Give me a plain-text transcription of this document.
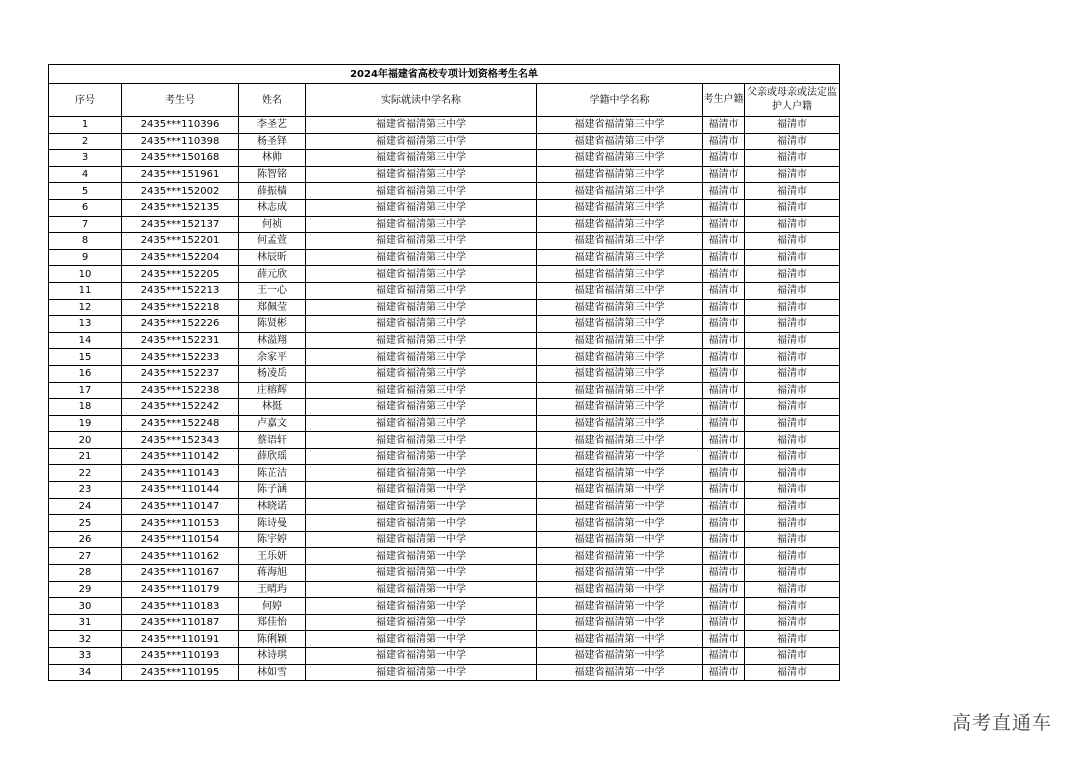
2024年福建省高校专项计划资格考生名单						
序号	考生号	姓名	实际就读中学名称	学籍中学名称	考生户籍	父亲或母亲或法定监护人户籍
1	2435***110396	李圣艺	福建省福清第三中学	福建省福清第三中学	福清市	福清市
2	2435***110398	杨圣铎	福建省福清第三中学	福建省福清第三中学	福清市	福清市
3	2435***150168	林帅	福建省福清第三中学	福建省福清第三中学	福清市	福清市
4	2435***151961	陈智铭	福建省福清第三中学	福建省福清第三中学	福清市	福清市
5	2435***152002	薛振樯	福建省福清第三中学	福建省福清第三中学	福清市	福清市
6	2435***152135	林志成	福建省福清第三中学	福建省福清第三中学	福清市	福清市
7	2435***152137	何祯	福建省福清第三中学	福建省福清第三中学	福清市	福清市
8	2435***152201	何孟萱	福建省福清第三中学	福建省福清第三中学	福清市	福清市
9	2435***152204	林辰昕	福建省福清第三中学	福建省福清第三中学	福清市	福清市
10	2435***152205	薛元欣	福建省福清第三中学	福建省福清第三中学	福清市	福清市
11	2435***152213	王一心	福建省福清第三中学	福建省福清第三中学	福清市	福清市
12	2435***152218	郑佩莹	福建省福清第三中学	福建省福清第三中学	福清市	福清市
13	2435***152226	陈贤彬	福建省福清第三中学	福建省福清第三中学	福清市	福清市
14	2435***152231	林溢翔	福建省福清第三中学	福建省福清第三中学	福清市	福清市
15	2435***152233	余家平	福建省福清第三中学	福建省福清第三中学	福清市	福清市
16	2435***152237	杨凌岳	福建省福清第三中学	福建省福清第三中学	福清市	福清市
17	2435***152238	庄榕辉	福建省福清第三中学	福建省福清第三中学	福清市	福清市
18	2435***152242	林挺	福建省福清第三中学	福建省福清第三中学	福清市	福清市
19	2435***152248	卢嘉文	福建省福清第三中学	福建省福清第三中学	福清市	福清市
20	2435***152343	蔡语轩	福建省福清第三中学	福建省福清第三中学	福清市	福清市
21	2435***110142	薛欣瑶	福建省福清第一中学	福建省福清第一中学	福清市	福清市
22	2435***110143	陈芷洁	福建省福清第一中学	福建省福清第一中学	福清市	福清市
23	2435***110144	陈子涵	福建省福清第一中学	福建省福清第一中学	福清市	福清市
24	2435***110147	林晓诺	福建省福清第一中学	福建省福清第一中学	福清市	福清市
25	2435***110153	陈诗曼	福建省福清第一中学	福建省福清第一中学	福清市	福清市
26	2435***110154	陈宇婷	福建省福清第一中学	福建省福清第一中学	福清市	福清市
27	2435***110162	王乐妍	福建省福清第一中学	福建省福清第一中学	福清市	福清市
28	2435***110167	蒋海旭	福建省福清第一中学	福建省福清第一中学	福清市	福清市
29	2435***110179	王晴玙	福建省福清第一中学	福建省福清第一中学	福清市	福清市
30	2435***110183	何婷	福建省福清第一中学	福建省福清第一中学	福清市	福清市
31	2435***110187	郑佳怡	福建省福清第一中学	福建省福清第一中学	福清市	福清市
32	2435***110191	陈俐颖	福建省福清第一中学	福建省福清第一中学	福清市	福清市
33	2435***110193	林诗琪	福建省福清第一中学	福建省福清第一中学	福清市	福清市
34	2435***110195	林如雪	福建省福清第一中学	福建省福清第一中学	福清市	福清市
高考直通车
